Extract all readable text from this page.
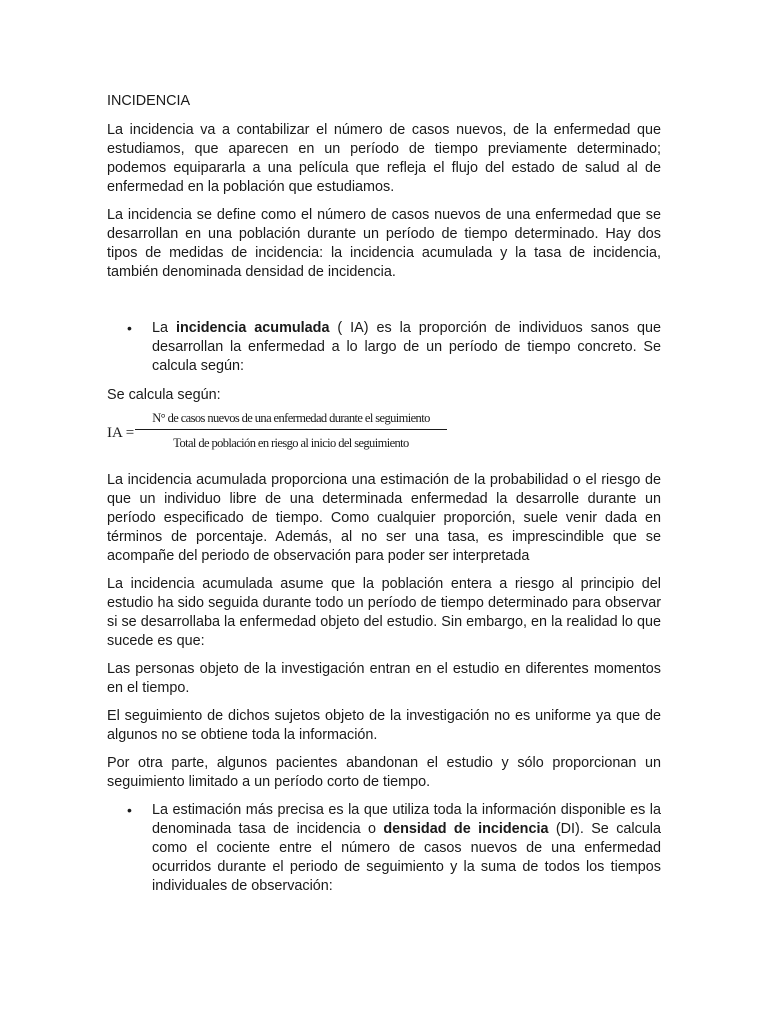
INCIDENCIA

La incidencia va a contabilizar el número de casos nuevos, de la enfermedad que estudiamos, que aparecen en un período de tiempo previamente determinado; podemos equipararla a una película que refleja el flujo del estado de salud al de enfermedad en la población que estudiamos.

La incidencia se define como el número de casos nuevos de una enfermedad que se desarrollan en una población durante un período de tiempo determinado. Hay dos tipos de medidas de incidencia: la incidencia acumulada y la tasa de incidencia, también denominada densidad de incidencia.

• La incidencia acumulada ( IA) es la proporción de individuos sanos que desarrollan la enfermedad a lo largo de un período de tiempo concreto. Se calcula según:

Se calcula según:

IA =
N° de casos nuevos de una enfermedad durante el seguimiento
Total de población en riesgo al inicio del seguimiento

La incidencia acumulada proporciona una estimación de la probabilidad o el riesgo de que un individuo libre de una determinada enfermedad la desarrolle durante un período especificado de tiempo. Como cualquier proporción, suele venir dada en términos de porcentaje. Además, al no ser una tasa, es imprescindible que se acompañe del periodo de observación para poder ser interpretada

La incidencia acumulada asume que la población entera a riesgo al principio del estudio ha sido seguida durante todo un período de tiempo determinado para observar si se desarrollaba la enfermedad objeto del estudio. Sin embargo, en la realidad lo que sucede es que:

Las personas objeto de la investigación entran en el estudio en diferentes momentos en el tiempo.

El seguimiento de dichos sujetos objeto de la investigación no es uniforme ya que de algunos no se obtiene toda la información.

Por otra parte, algunos pacientes abandonan el estudio y sólo proporcionan un seguimiento limitado a un período corto de tiempo.

• La estimación más precisa es la que utiliza toda la información disponible es la denominada tasa de incidencia o densidad de incidencia (DI). Se calcula como el cociente entre el número de casos nuevos de una enfermedad ocurridos durante el periodo de seguimiento y la suma de todos los tiempos individuales de observación:
